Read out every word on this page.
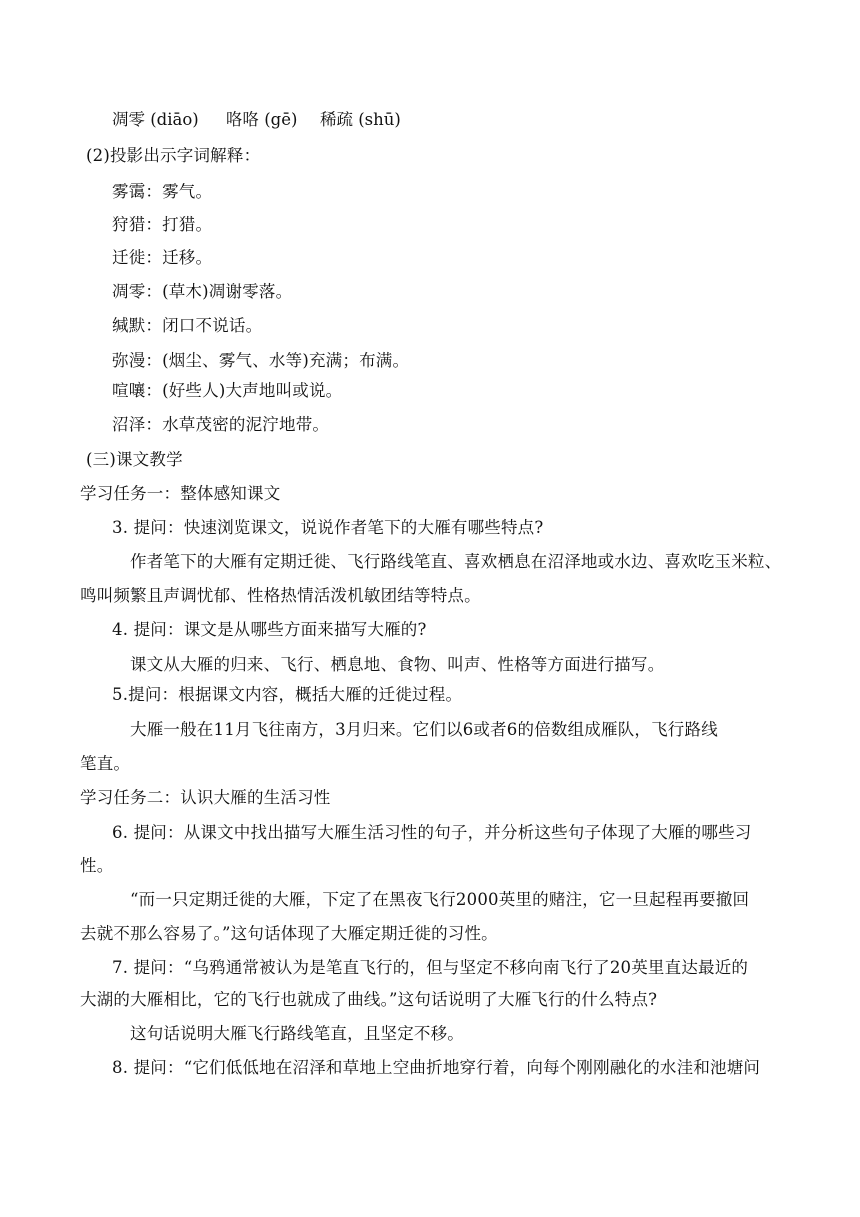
凋零 (diāo) 咯咯 (gē) 稀疏 (shū)
(2)投影出示字词解释：
雾霭：雾气。
狩猎：打猎。
迁徙：迁移。
凋零：(草木)凋谢零落。
缄默：闭口不说话。
弥漫：(烟尘、雾气、水等)充满；布满。
喧嚷：(好些人)大声地叫或说。
沼泽：水草茂密的泥泞地带。
(三)课文教学
学习任务一：整体感知课文
3. 提问：快速浏览课文，说说作者笔下的大雁有哪些特点?
作者笔下的大雁有定期迁徙、飞行路线笔直、喜欢栖息在沼泽地或水边、喜欢吃玉米粒、
鸣叫频繁且声调忧郁、性格热情活泼机敏团结等特点。
4. 提问：课文是从哪些方面来描写大雁的?
课文从大雁的归来、飞行、栖息地、食物、叫声、性格等方面进行描写。
5.提问：根据课文内容，概括大雁的迁徙过程。
大雁一般在11月飞往南方，3月归来。它们以6或者6的倍数组成雁队，飞行路线
笔直。
学习任务二：认识大雁的生活习性
6. 提问：从课文中找出描写大雁生活习性的句子，并分析这些句子体现了大雁的哪些习
性。
“而一只定期迁徙的大雁，下定了在黑夜飞行2000英里的赌注，它一旦起程再要撤回
去就不那么容易了。”这句话体现了大雁定期迁徙的习性。
7. 提问：“乌鸦通常被认为是笔直飞行的，但与坚定不移向南飞行了20英里直达最近的
大湖的大雁相比，它的飞行也就成了曲线。”这句话说明了大雁飞行的什么特点?
这句话说明大雁飞行路线笔直，且坚定不移。
8. 提问：“它们低低地在沼泽和草地上空曲折地穿行着，向每个刚刚融化的水洼和池塘问
